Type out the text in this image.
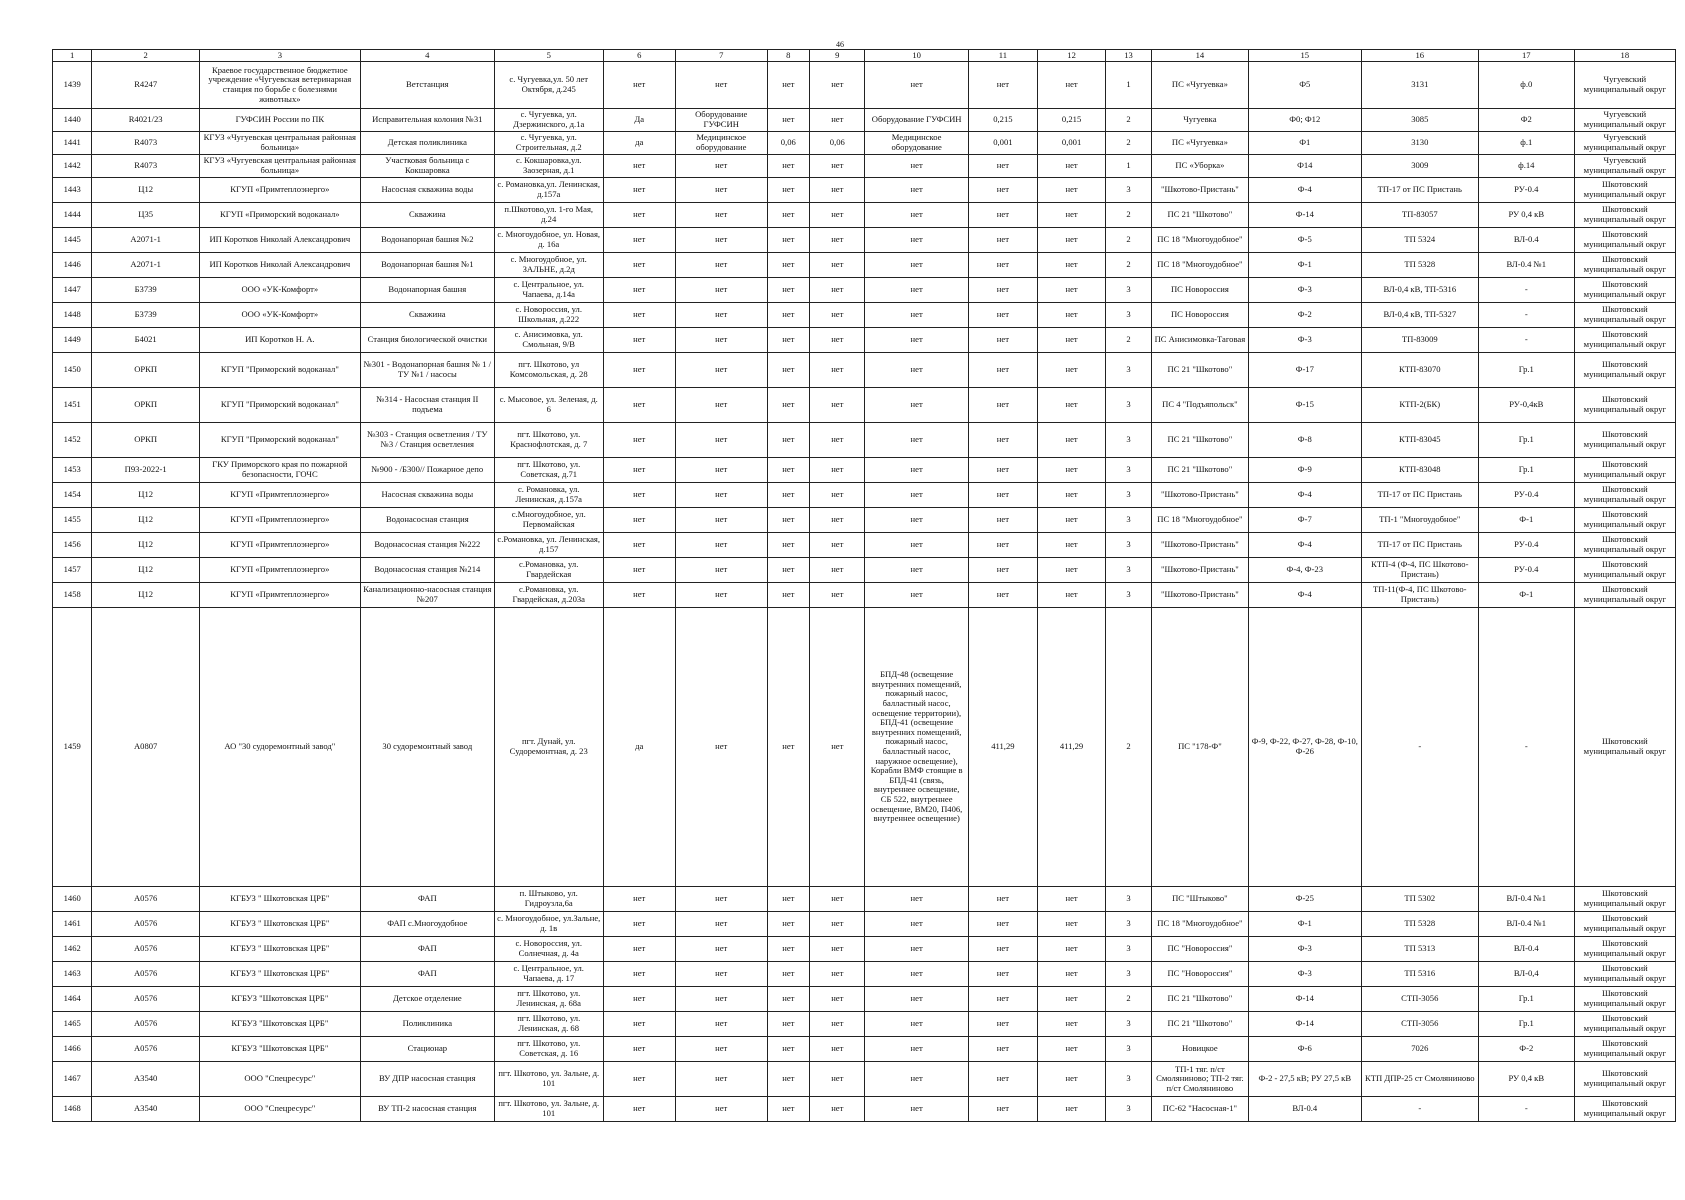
46
1	2	3	4	5	6	7	8	9	10	11	12	13	14	15	16	17	18
1439	R4247	Краевое государственное бюджетное учреждение «Чугуевская ветеринарная станция по борьбе с болезнями животных»	Ветстанция	с. Чугуевка,ул. 50 лет Октября, д.245	нет	нет	нет	нет	нет	нет	нет	1	ПС «Чугуевка»	Ф5	3131	ф.0	Чугуевский муниципальный округ
1440	R4021/23	ГУФСИН России по ПК	Исправительная колония №31	с. Чугуевка, ул. Дзержинского, д.1а	Да	Оборудование ГУФСИН	нет	нет	Оборудование ГУФСИН	0,215	0,215	2	Чугуевка	Ф0; Ф12	3085	Ф2	Чугуевский муниципальный округ
1441	R4073	КГУЗ «Чугуевская центральная районная больница»	Детская поликлиника	с. Чугуевка, ул. Строительная, д.2	да	Медицинское оборудование	0,06	0,06	Медицинское оборудование	0,001	0,001	2	ПС «Чугуевка»	Ф1	3130	ф.1	Чугуевский муниципальный округ
1442	R4073	КГУЗ «Чугуевская центральная районная больница»	Участковая больница с Кокшаровка	с. Кокшаровка,ул. Заозерная, д.1	нет	нет	нет	нет	нет	нет	нет	1	ПС «Уборка»	Ф14	3009	ф.14	Чугуевский муниципальный округ
1443	Ц12	КГУП «Примтеплоэнерго»	Насосная скважина воды	с. Романовка,ул. Ленинская, д.157а	нет	нет	нет	нет	нет	нет	нет	3	"Шкотово-Пристань"	Ф-4	ТП-17 от ПС Пристань	РУ-0.4	Шкотовский муниципальный округ
1444	Ц35	КГУП «Приморский водоканал»	Скважина	п.Шкотово,ул. 1-го Мая, д.24	нет	нет	нет	нет	нет	нет	нет	2	ПС 21 "Шкотово"	Ф-14	ТП-83057	РУ 0,4 кВ	Шкотовский муниципальный округ
1445	А2071-1	ИП Коротков Николай Александрович	Водонапорная башня №2	с. Многоудобное, ул. Новая, д. 16а	нет	нет	нет	нет	нет	нет	нет	2	ПС 18 "Многоудобное"	Ф-5	ТП 5324	ВЛ-0.4	Шкотовский муниципальный округ
1446	А2071-1	ИП Коротков Николай Александрович	Водонапорная башня №1	с. Многоудобное, ул. ЗАЛЬНЕ, д.2д	нет	нет	нет	нет	нет	нет	нет	2	ПС 18 "Многоудобное"	Ф-1	ТП 5328	ВЛ-0.4 №1	Шкотовский муниципальный округ
1447	Б3739	ООО «УК-Комфорт»	Водонапорная башня	с. Центральное, ул. Чапаева, д.14а	нет	нет	нет	нет	нет	нет	нет	3	ПС Новороссия	Ф-3	ВЛ-0,4 кВ, ТП-5316	-	Шкотовский муниципальный округ
1448	Б3739	ООО «УК-Комфорт»	Скважина	с. Новороссия, ул. Школьная, д.222	нет	нет	нет	нет	нет	нет	нет	3	ПС Новороссия	Ф-2	ВЛ-0,4 кВ, ТП-5327	-	Шкотовский муниципальный округ
1449	Б4021	ИП Коротков Н. А.	Станция биологической очистки	с. Анисимовка, ул. Смольная, 9/В	нет	нет	нет	нет	нет	нет	нет	2	ПС Анисимовка-Таговая	Ф-3	ТП-83009	-	Шкотовский муниципальный округ
1450	ОРКП	КГУП "Приморский водоканал"	№301 - Водонапорная башня № 1 / ТУ №1 / насосы	пгт. Шкотово, ул Комсомольская, д. 28	нет	нет	нет	нет	нет	нет	нет	3	ПС 21 "Шкотово"	Ф-17	КТП-83070	Гр.1	Шкотовский муниципальный округ
1451	ОРКП	КГУП "Приморский водоканал"	№314 - Насосная станция II подъема	с. Мысовое, ул. Зеленая, д. 6	нет	нет	нет	нет	нет	нет	нет	3	ПС 4 "Подъяпольск"	Ф-15	КТП-2(БК)	РУ-0,4кВ	Шкотовский муниципальный округ
1452	ОРКП	КГУП "Приморский водоканал"	№303 - Станция осветления / ТУ №3 / Станция осветления	пгт. Шкотово, ул. Краснофлотская, д. 7	нет	нет	нет	нет	нет	нет	нет	3	ПС 21 "Шкотово"	Ф-8	КТП-83045	Гр.1	Шкотовский муниципальный округ
1453	П93-2022-1	ГКУ Приморского края по пожарной безопасности, ГОЧС	№900 - /Б300// Пожарное депо	пгт. Шкотово, ул. Советская, д.71	нет	нет	нет	нет	нет	нет	нет	3	ПС 21 "Шкотово"	Ф-9	КТП-83048	Гр.1	Шкотовский муниципальный округ
1454	Ц12	КГУП «Примтеплоэнерго»	Насосная скважина воды	с. Романовка, ул. Ленинская, д.157а	нет	нет	нет	нет	нет	нет	нет	3	"Шкотово-Пристань"	Ф-4	ТП-17 от ПС Пристань	РУ-0.4	Шкотовский муниципальный округ
1455	Ц12	КГУП «Примтеплоэнерго»	Водонасосная станция	с.Многоудобное, ул. Первомайская	нет	нет	нет	нет	нет	нет	нет	3	ПС 18 "Многоудобное"	Ф-7	ТП-1 "Многоудобное"	Ф-1	Шкотовский муниципальный округ
1456	Ц12	КГУП «Примтеплоэнерго»	Водонасосная станция №222	с.Романовка, ул. Ленинская, д.157	нет	нет	нет	нет	нет	нет	нет	3	"Шкотово-Пристань"	Ф-4	ТП-17 от ПС Пристань	РУ-0.4	Шкотовский муниципальный округ
1457	Ц12	КГУП «Примтеплоэнерго»	Водонасосная станция №214	с.Романовка, ул. Гвардейская	нет	нет	нет	нет	нет	нет	нет	3	"Шкотово-Пристань"	Ф-4, Ф-23	КТП-4 (Ф-4, ПС Шкотово-Пристань)	РУ-0.4	Шкотовский муниципальный округ
1458	Ц12	КГУП «Примтеплоэнерго»	Канализационно-насосная станция №207	с.Романовка, ул. Гвардейская, д.203а	нет	нет	нет	нет	нет	нет	нет	3	"Шкотово-Пристань"	Ф-4	ТП-11(Ф-4, ПС Шкотово-Пристань)	Ф-1	Шкотовский муниципальный округ
1459	А0807	АО "30 судоремонтный завод"	30 судоремонтный завод	пгт. Дунай, ул. Судоремонтная, д. 23	да	нет	нет	нет	БПД-48 (освещение внутренних помещений, пожарный насос, балластный насос, освещение территории), БПД-41 (освещение внутренних помещений, пожарный насос, балластный насос, наружное освещение), Корабли ВМФ стоящие в БПД-41 (связь, внутреннее освещение, СБ 522, внутреннее освещение, ВМ20, П406, внутреннее освещение)	411,29	411,29	2	ПС "178-Ф"	Ф-9, Ф-22, Ф-27, Ф-28, Ф-10, Ф-26	-	-	Шкотовский муниципальный округ
1460	А0576	КГБУЗ " Шкотовская ЦРБ"	ФАП	п. Штыково, ул. Гидроузла,6а	нет	нет	нет	нет	нет	нет	нет	3	ПС "Штыково"	Ф-25	ТП 5302	ВЛ-0.4 №1	Шкотовский муниципальный округ
1461	А0576	КГБУЗ " Шкотовская ЦРБ"	ФАП с.Многоудобное	с. Многоудобное, ул.Зальне, д. 1в	нет	нет	нет	нет	нет	нет	нет	3	ПС 18 "Многоудобное"	Ф-1	ТП 5328	ВЛ-0.4 №1	Шкотовский муниципальный округ
1462	А0576	КГБУЗ " Шкотовская ЦРБ"	ФАП	с. Новороссия, ул. Солнечная, д. 4а	нет	нет	нет	нет	нет	нет	нет	3	ПС "Новороссия"	Ф-3	ТП 5313	ВЛ-0.4	Шкотовский муниципальный округ
1463	А0576	КГБУЗ " Шкотовская ЦРБ"	ФАП	с. Центральное, ул. Чапаева, д. 17	нет	нет	нет	нет	нет	нет	нет	3	ПС "Новороссия"	Ф-3	ТП 5316	ВЛ-0,4	Шкотовский муниципальный округ
1464	А0576	КГБУЗ "Шкотовская ЦРБ"	Детское отделение	пгт. Шкотово, ул. Ленинская, д. 68а	нет	нет	нет	нет	нет	нет	нет	2	ПС 21 "Шкотово"	Ф-14	СТП-3056	Гр.1	Шкотовский муниципальный округ
1465	А0576	КГБУЗ "Шкотовская ЦРБ"	Поликлиника	пгт. Шкотово, ул. Ленинская, д. 68	нет	нет	нет	нет	нет	нет	нет	3	ПС 21 "Шкотово"	Ф-14	СТП-3056	Гр.1	Шкотовский муниципальный округ
1466	А0576	КГБУЗ "Шкотовская ЦРБ"	Стационар	пгт. Шкотово, ул. Советская, д. 16	нет	нет	нет	нет	нет	нет	нет	3	Новицкое	Ф-6	7026	Ф-2	Шкотовский муниципальный округ
1467	А3540	ООО "Спецресурс"	ВУ ДПР насосная станция	пгт. Шкотово, ул. Зальне, д. 101	нет	нет	нет	нет	нет	нет	нет	3	ТП-1 тяг. п/ст Смоляниново; ТП-2 тяг. п/ст Смоляниново	Ф-2 - 27,5 кВ; РУ 27,5 кВ	КТП ДПР-25 ст Смоляниново	РУ 0,4 кВ	Шкотовский муниципальный округ
1468	А3540	ООО "Спецресурс"	ВУ ТП-2 насосная станция	пгт. Шкотово, ул. Зальне, д. 101	нет	нет	нет	нет	нет	нет	нет	3	ПС-62 "Насосная-1"	ВЛ-0.4	-	-	Шкотовский муниципальный округ
